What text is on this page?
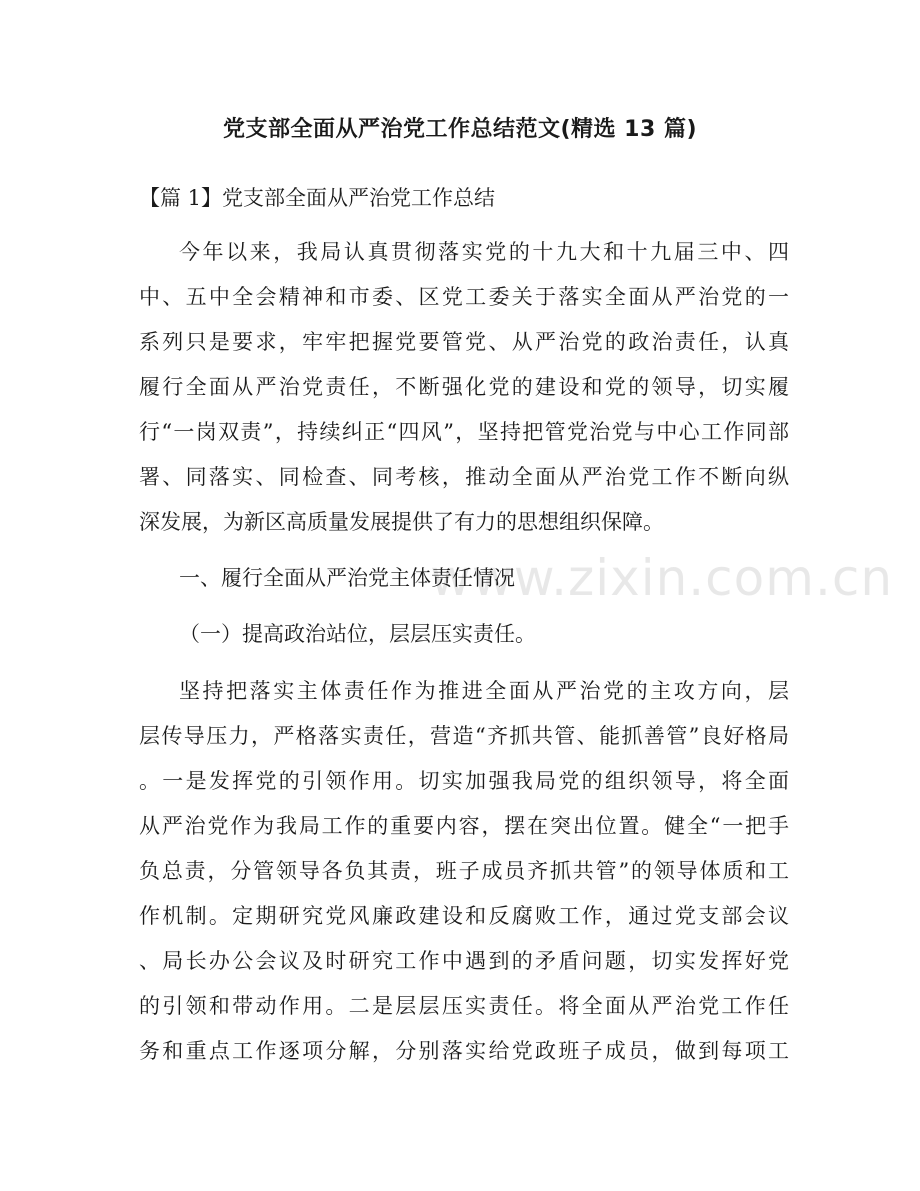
党支部全面从严治党工作总结范文(精选 13 篇)
【篇 1】党支部全面从严治党工作总结
今年以来，我局认真贯彻落实党的十九大和十九届三中、四
中、五中全会精神和市委、区党工委关于落实全面从严治党的一
系列只是要求，牢牢把握党要管党、从严治党的政治责任，认真
履行全面从严治党责任，不断强化党的建设和党的领导，切实履
行“一岗双责”，持续纠正“四风”，坚持把管党治党与中心工作同部
署、同落实、同检查、同考核，推动全面从严治党工作不断向纵
深发展，为新区高质量发展提供了有力的思想组织保障。
一、履行全面从严治党主体责任情况
（一）提高政治站位，层层压实责任。
坚持把落实主体责任作为推进全面从严治党的主攻方向，层
层传导压力，严格落实责任，营造“齐抓共管、能抓善管”良好格局
。一是发挥党的引领作用。切实加强我局党的组织领导，将全面
从严治党作为我局工作的重要内容，摆在突出位置。健全“一把手
负总责，分管领导各负其责，班子成员齐抓共管”的领导体质和工
作机制。定期研究党风廉政建设和反腐败工作，通过党支部会议
、局长办公会议及时研究工作中遇到的矛盾问题，切实发挥好党
的引领和带动作用。二是层层压实责任。将全面从严治党工作任
务和重点工作逐项分解，分别落实给党政班子成员，做到每项工
www.zixin.com.cn
